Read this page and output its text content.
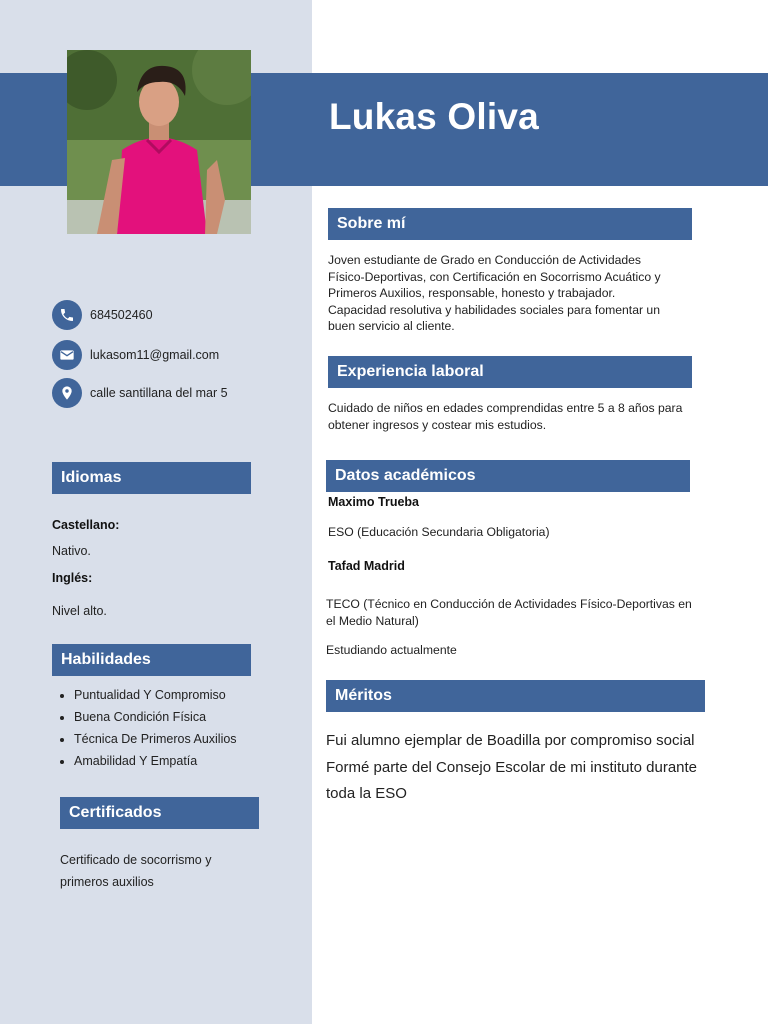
Lukas Oliva
684502460
lukasom11@gmail.com
calle santillana del mar 5
Idiomas
Castellano:
Nativo.
Inglés:
Nivel alto.
Habilidades
• Puntualidad Y Compromiso
• Buena Condición Física
• Técnica De Primeros Auxilios
• Amabilidad Y Empatía
Certificados
Certificado de socorrismo y
primeros auxilios
Sobre mí
Joven estudiante de Grado en Conducción de Actividades
Físico-Deportivas, con Certificación en Socorrismo Acuático y
Primeros Auxilios, responsable, honesto y trabajador.
Capacidad resolutiva y habilidades sociales para fomentar un
buen servicio al cliente.
Experiencia laboral
Cuidado de niños en edades comprendidas entre 5 a 8 años para
obtener ingresos y costear mis estudios.
Datos académicos
Maximo Trueba
ESO (Educación Secundaria Obligatoria)
Tafad Madrid
TECO (Técnico en Conducción de Actividades Físico-Deportivas en
el Medio Natural)
Estudiando actualmente
Méritos
Fui alumno ejemplar de Boadilla por compromiso social
Formé parte del Consejo Escolar de mi instituto durante
toda la ESO
